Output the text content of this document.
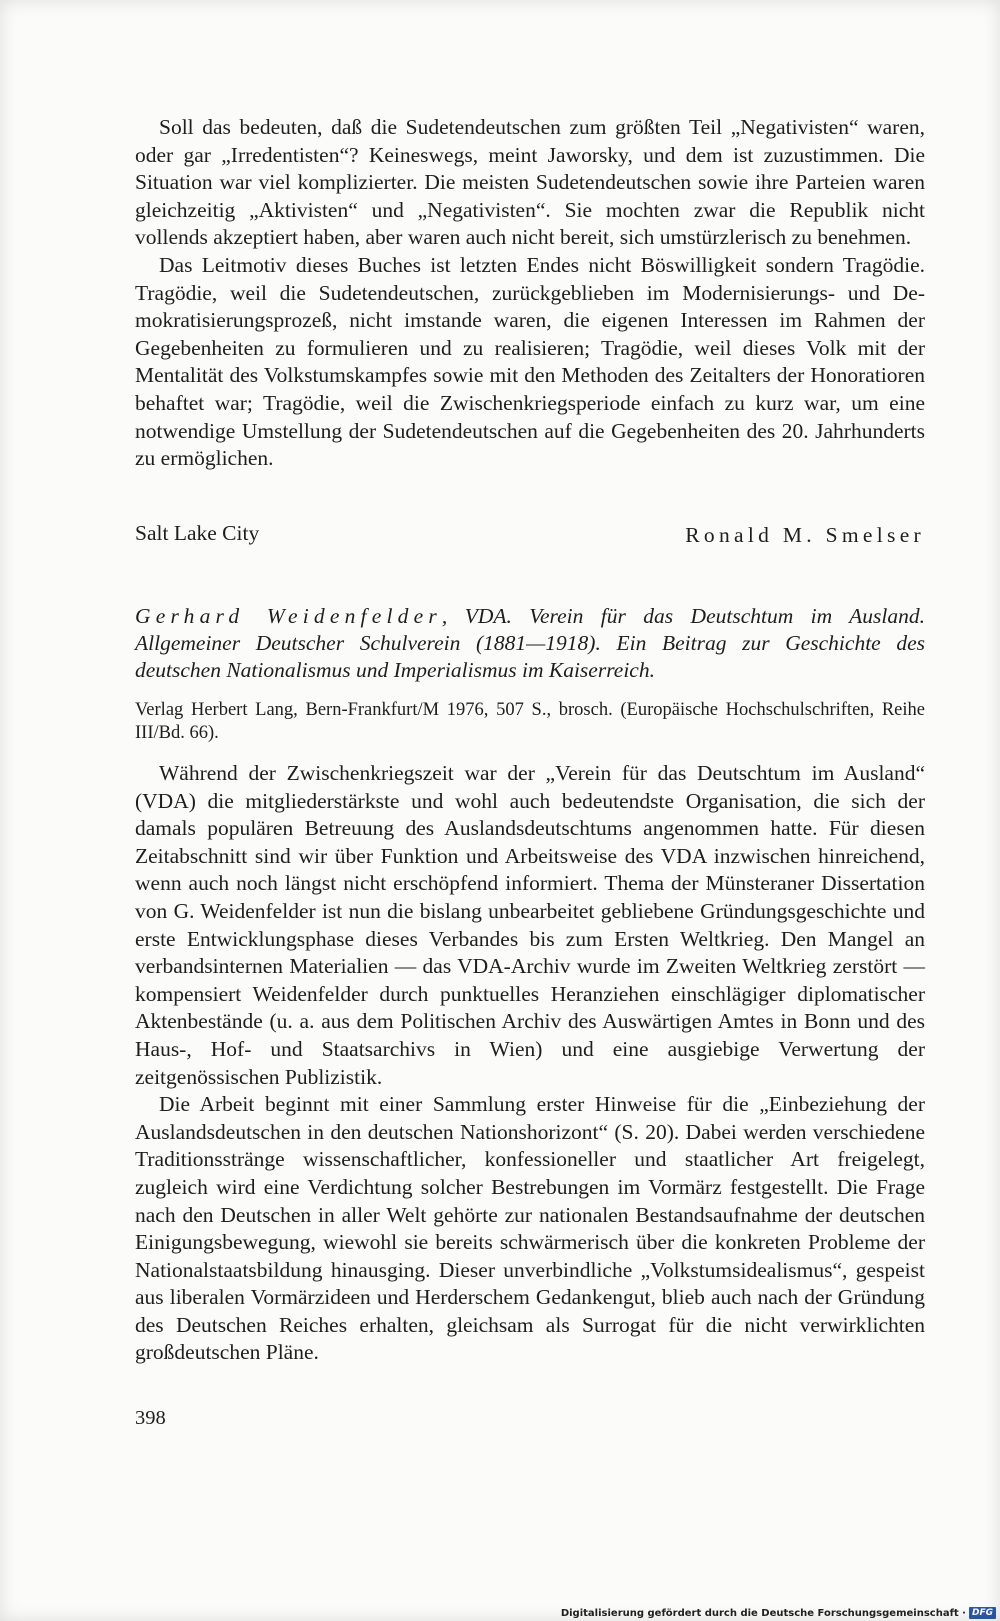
Soll das bedeuten, daß die Sudetendeutschen zum größten Teil „Negativisten“ waren, oder gar „Irredentisten“? Keineswegs, meint Jaworsky, und dem ist zuzustimmen. Die Situation war viel komplizierter. Die meisten Sudetendeutschen sowie ihre Parteien waren gleichzeitig „Aktivisten“ und „Negativisten“. Sie mochten zwar die Republik nicht vollends akzeptiert haben, aber waren auch nicht bereit, sich umstürzlerisch zu benehmen.

Das Leitmotiv dieses Buches ist letzten Endes nicht Böswilligkeit sondern Tragödie. Tragödie, weil die Sudetendeutschen, zurückgeblieben im Modernisierungs- und Demokratisierungsprozeß, nicht imstande waren, die eigenen Interessen im Rahmen der Gegebenheiten zu formulieren und zu realisieren; Tragödie, weil dieses Volk mit der Mentalität des Volkstumskampfes sowie mit den Methoden des Zeitalters der Honoratioren behaftet war; Tragödie, weil die Zwischenkriegsperiode einfach zu kurz war, um eine notwendige Umstellung der Sudetendeutschen auf die Gegebenheiten des 20. Jahrhunderts zu ermöglichen.

Salt Lake City	Ronald M. Smelser

Gerhard Weidenfelder, VDA. Verein für das Deutschtum im Ausland. Allgemeiner Deutscher Schulverein (1881—1918). Ein Beitrag zur Geschichte des deutschen Nationalismus und Imperialismus im Kaiserreich.

Verlag Herbert Lang, Bern-Frankfurt/M 1976, 507 S., brosch. (Europäische Hochschulschriften, Reihe III/Bd. 66).

Während der Zwischenkriegszeit war der „Verein für das Deutschtum im Ausland“ (VDA) die mitgliederstärkste und wohl auch bedeutendste Organisation, die sich der damals populären Betreuung des Auslandsdeutschtums angenommen hatte. Für diesen Zeitabschnitt sind wir über Funktion und Arbeitsweise des VDA inzwischen hinreichend, wenn auch noch längst nicht erschöpfend informiert. Thema der Münsteraner Dissertation von G. Weidenfelder ist nun die bislang unbearbeitet gebliebene Gründungsgeschichte und erste Entwicklungsphase dieses Verbandes bis zum Ersten Weltkrieg. Den Mangel an verbandsinternen Materialien — das VDA-Archiv wurde im Zweiten Weltkrieg zerstört — kompensiert Weidenfelder durch punktuelles Heranziehen einschlägiger diplomatischer Aktenbestände (u. a. aus dem Politischen Archiv des Auswärtigen Amtes in Bonn und des Haus-, Hof- und Staatsarchivs in Wien) und eine ausgiebige Verwertung der zeitgenössischen Publizistik.

Die Arbeit beginnt mit einer Sammlung erster Hinweise für die „Einbeziehung der Auslandsdeutschen in den deutschen Nationshorizont“ (S. 20). Dabei werden verschiedene Traditionsstränge wissenschaftlicher, konfessioneller und staatlicher Art freigelegt, zugleich wird eine Verdichtung solcher Bestrebungen im Vormärz festgestellt. Die Frage nach den Deutschen in aller Welt gehörte zur nationalen Bestandsaufnahme der deutschen Einigungsbewegung, wiewohl sie bereits schwärmerisch über die konkreten Probleme der Nationalstaatsbildung hinausging. Dieser unverbindliche „Volkstumsidealismus“, gespeist aus liberalen Vormärzideen und Herderschem Gedankengut, blieb auch nach der Gründung des Deutschen Reiches erhalten, gleichsam als Surrogat für die nicht verwirklichten großdeutschen Pläne.

398
Digitalisierung gefördert durch die Deutsche Forschungsgemeinschaft · DFG
